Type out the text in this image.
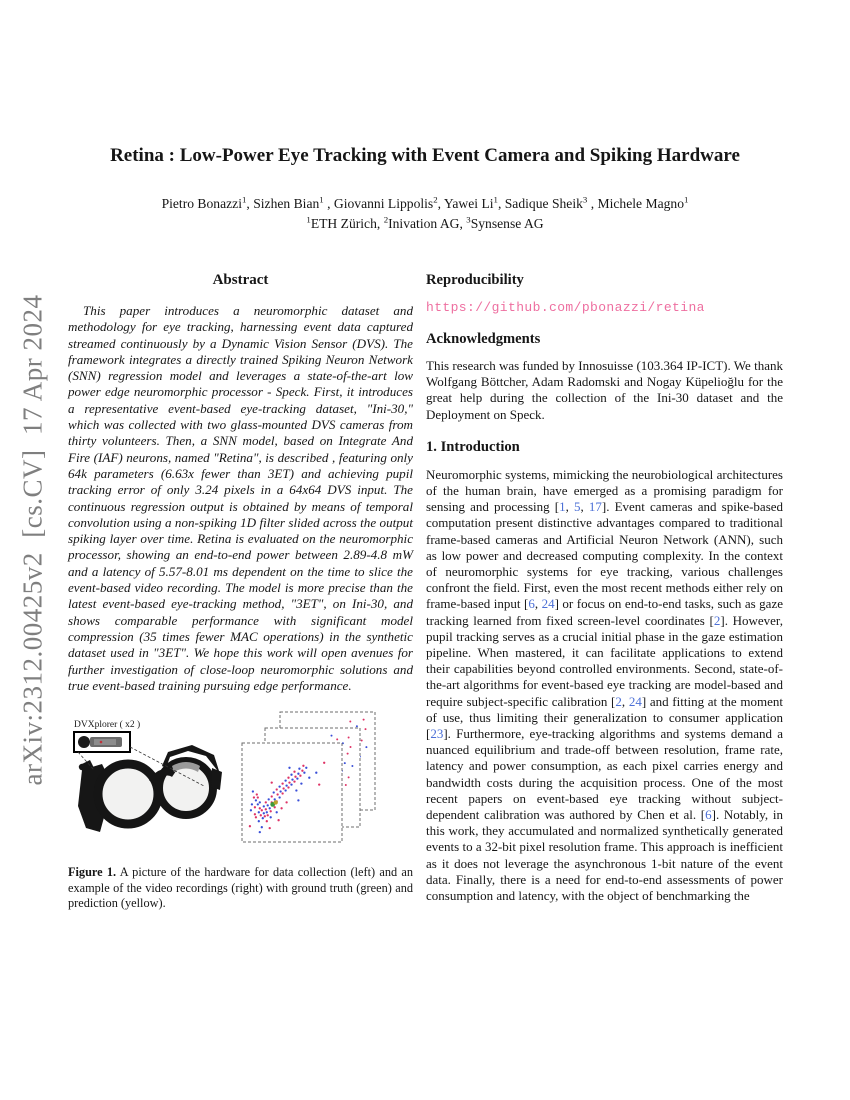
arXiv:2312.00425v2  [cs.CV]  17 Apr 2024
Retina : Low-Power Eye Tracking with Event Camera and Spiking Hardware
Pietro Bonazzi$^1$, Sizhen Bian$^1$ , Giovanni Lippolis$^2$, Yawei Li$^1$, Sadique Sheik$^3$ , Michele Magno$^1$
$^1$ETH Zürich, $^2$Inivation AG, $^3$Synsense AG
Abstract

This paper introduces a neuromorphic dataset and methodology for eye tracking, harnessing event data captured streamed continuously by a Dynamic Vision Sensor (DVS). The framework integrates a directly trained Spiking Neuron Network (SNN) regression model and leverages a state-of-the-art low power edge neuromorphic processor - Speck. First, it introduces a representative event-based eye-tracking dataset, "Ini-30," which was collected with two glass-mounted DVS cameras from thirty volunteers. Then, a SNN model, based on Integrate And Fire (IAF) neurons, named "Retina", is described , featuring only 64k parameters (6.63x fewer than 3ET) and achieving pupil tracking error of only 3.24 pixels in a 64x64 DVS input. The continuous regression output is obtained by means of temporal convolution using a non-spiking 1D filter slided across the output spiking layer over time. Retina is evaluated on the neuromorphic processor, showing an end-to-end power between 2.89-4.8 mW and a latency of 5.57-8.01 ms dependent on the time to slice the event-based video recording. The model is more precise than the latest event-based eye-tracking method, "3ET", on Ini-30, and shows comparable performance with significant model compression (35 times fewer MAC operations) in the synthetic dataset used in "3ET". We hope this work will open avenues for further investigation of close-loop neuromorphic solutions and true event-based training pursuing edge performance.

DVXplorer ( x2 )

Figure 1. A picture of the hardware for data collection (left) and an example of the video recordings (right) with ground truth (green) and prediction (yellow).

Reproducibility
https://github.com/pbonazzi/retina
Acknowledgments

This research was funded by Innosuisse (103.364 IP-ICT). We thank Wolfgang Böttcher, Adam Radomski and Nogay Küpelioğlu for the great help during the collection of the Ini-30 dataset and the Deployment on Speck.

1. Introduction

Neuromorphic systems, mimicking the neurobiological architectures of the human brain, have emerged as a promising paradigm for sensing and processing [1, 5, 17]. Event cameras and spike-based computation present distinctive advantages compared to traditional frame-based cameras and Artificial Neuron Network (ANN), such as low power and decreased computing complexity. In the context of neuromorphic systems for eye tracking, various challenges confront the field. First, even the most recent methods either rely on frame-based input [6, 24] or focus on end-to-end tasks, such as gaze tracking learned from fixed screen-level coordinates [2]. However, pupil tracking serves as a crucial initial phase in the gaze estimation pipeline. When mastered, it can facilitate applications to extend their capabilities beyond controlled environments. Second, state-of-the-art algorithms for event-based eye tracking are model-based and require subject-specific calibration [2, 24] and fitting at the moment of use, thus limiting their generalization to consumer application [23]. Furthermore, eye-tracking algorithms and systems demand a nuanced equilibrium and trade-off between resolution, frame rate, latency and power consumption, as each pixel carries energy and bandwidth costs during the acquisition process. One of the most recent papers on event-based eye tracking without subject-dependent calibration was authored by Chen et al. [6]. Notably, in this work, they accumulated and normalized synthetically generated events to a 32-bit pixel resolution frame. This approach is inefficient as it does not leverage the asynchronous 1-bit nature of the event data. Finally, there is a need for end-to-end assessments of power consumption and latency, with the object of benchmarking the
